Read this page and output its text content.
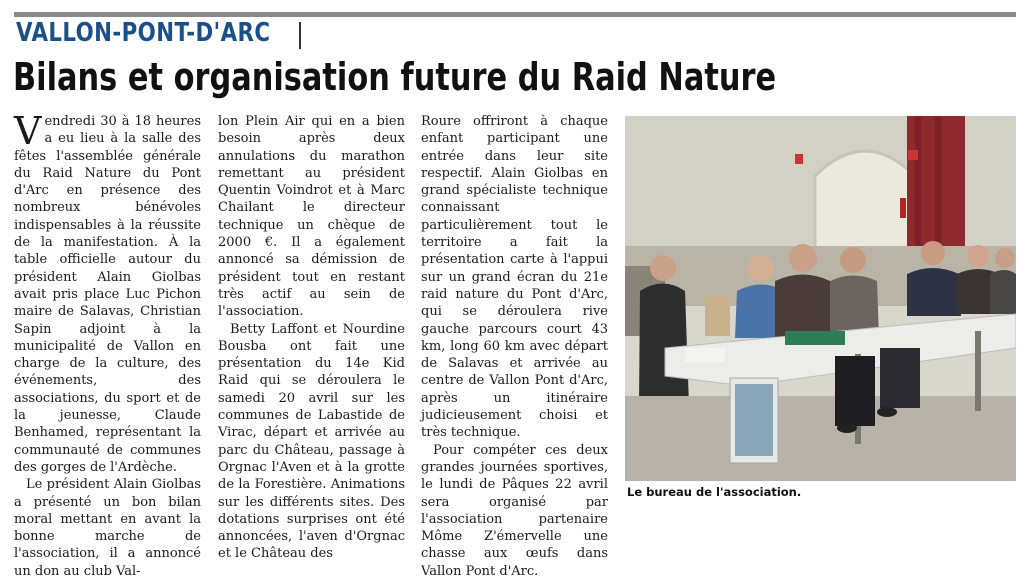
VALLON-PONT-D'ARC
Bilans et organisation future du Raid Nature

Vendredi 30 à 18 heures a eu lieu à la salle des fêtes l'assemblée générale du Raid Nature du Pont d'Arc en présence des nombreux bénévoles indispensables à la réussite de la manifestation. À la table officielle autour du président Alain Giolbas avait pris place Luc Pichon maire de Salavas, Christian Sapin adjoint à la municipalité de Vallon en charge de la culture, des événements, des associations, du sport et de la jeunesse, Claude Benhamed, représentant la communauté de communes des gorges de l'Ardèche.

Le président Alain Giolbas a présenté un bon bilan moral mettant en avant la bonne marche de l'association, il a annoncé un don au club Val-

lon Plein Air qui en a bien besoin après deux annulations du marathon remettant au président Quentin Voindrot et à Marc Chailant le directeur technique un chèque de 2000 €. Il a également annoncé sa démission de président tout en restant très actif au sein de l'association.

Betty Laffont et Nourdine Bousba ont fait une présentation du 14e Kid Raid qui se déroulera le samedi 20 avril sur les communes de Labastide de Virac, départ et arrivée au parc du Château, passage à Orgnac l'Aven et à la grotte de la Forestière. Animations sur les différents sites. Des dotations surprises ont été annoncées, l'aven d'Orgnac et le Château des

Roure offriront à chaque enfant participant une entrée dans leur site respectif. Alain Giolbas en grand spécialiste technique connaissant particulièrement tout le territoire a fait la présentation carte à l'appui sur un grand écran du 21e raid nature du Pont d'Arc, qui se déroulera rive gauche parcours court 43 km, long 60 km avec départ de Salavas et arrivée au centre de Vallon Pont d'Arc, après un itinéraire judicieusement choisi et très technique.

Pour compéter ces deux grandes journées sportives, le lundi de Pâques 22 avril sera organisé par l'association partenaire Môme Z'émervelle une chasse aux œufs dans Vallon Pont d'Arc.

Le bureau de l'association.
